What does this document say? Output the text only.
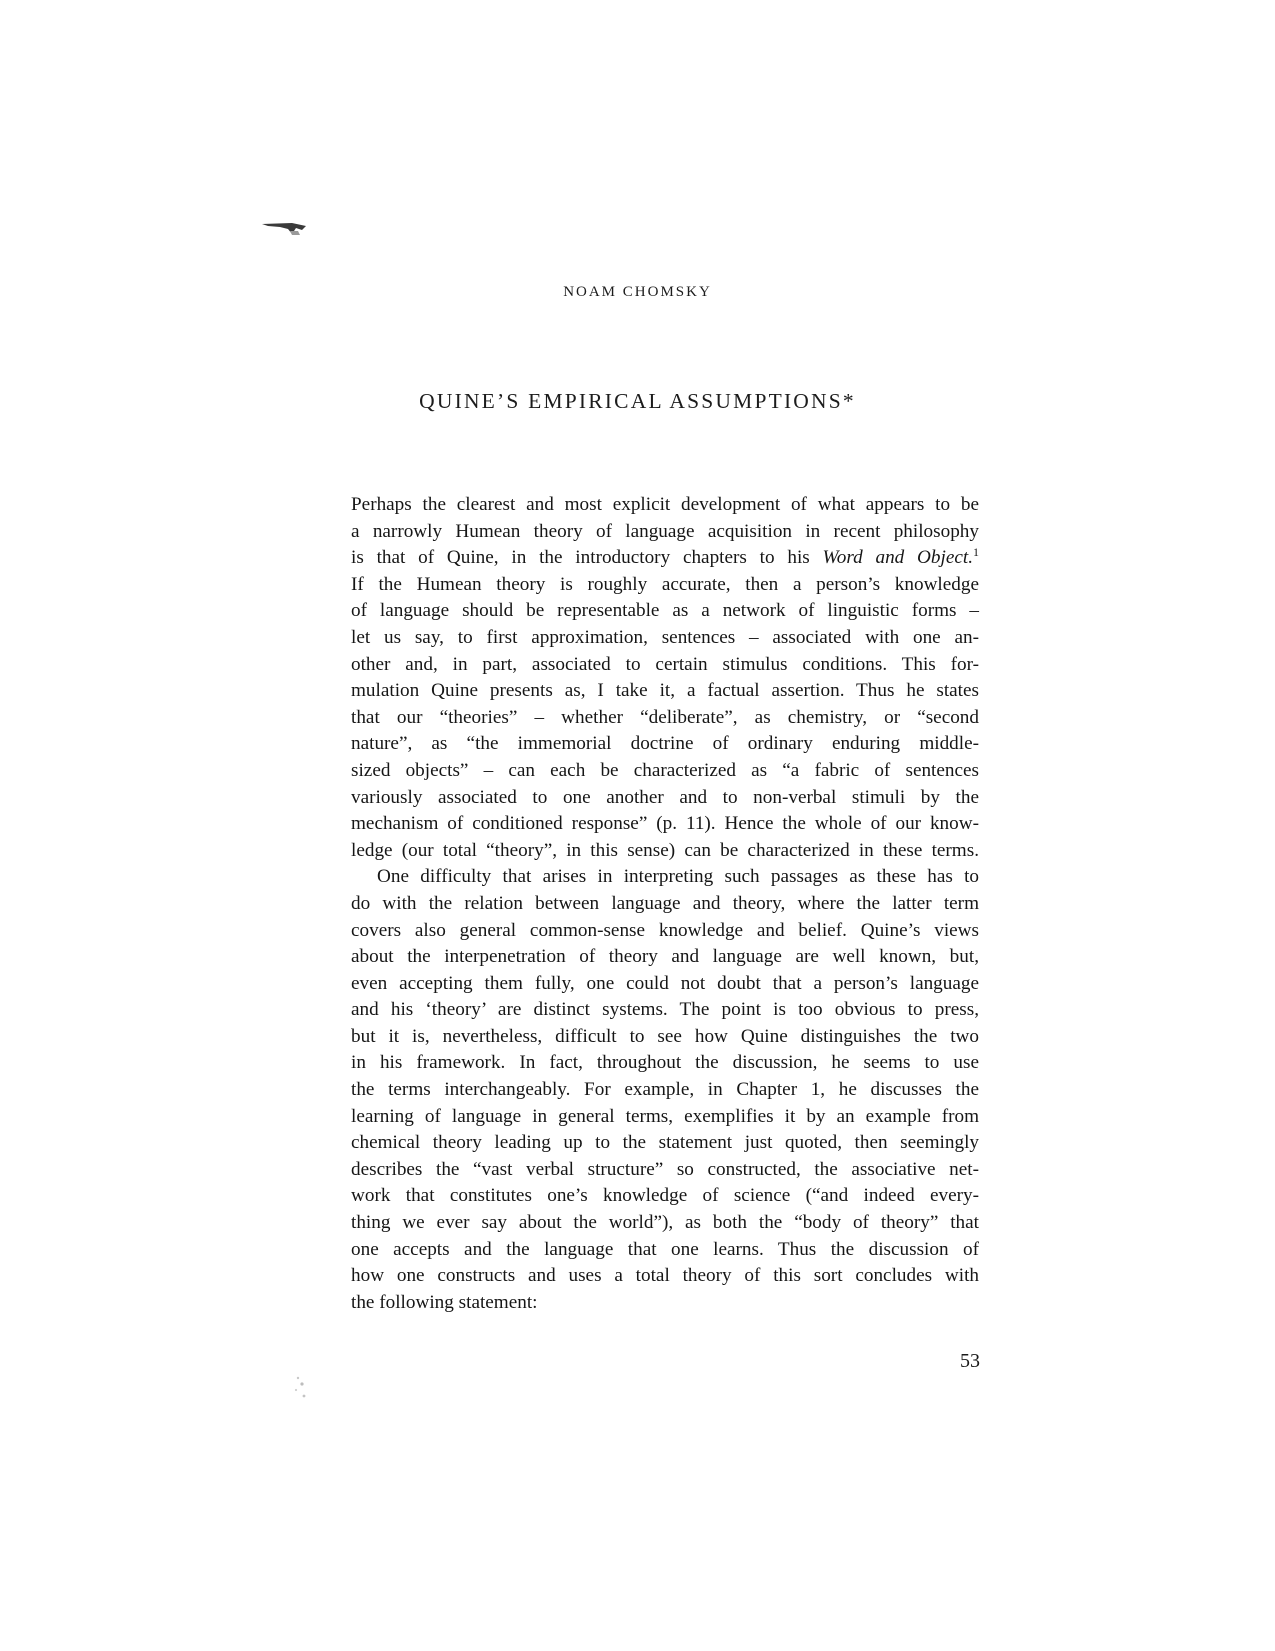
NOAM CHOMSKY
QUINE’S EMPIRICAL ASSUMPTIONS*
Perhaps the clearest and most explicit development of what appears to be
a narrowly Humean theory of language acquisition in recent philosophy
is that of Quine, in the introductory chapters to his Word and Object.$^1$
If the Humean theory is roughly accurate, then a person’s knowledge
of language should be representable as a network of linguistic forms –
let us say, to first approximation, sentences – associated with one an-
other and, in part, associated to certain stimulus conditions. This for-
mulation Quine presents as, I take it, a factual assertion. Thus he states
that our “theories” – whether “deliberate”, as chemistry, or “second
nature”, as “the immemorial doctrine of ordinary enduring middle-
sized objects” – can each be characterized as “a fabric of sentences
variously associated to one another and to non-verbal stimuli by the
mechanism of conditioned response” (p. 11). Hence the whole of our know-
ledge (our total “theory”, in this sense) can be characterized in these terms.
One difficulty that arises in interpreting such passages as these has to
do with the relation between language and theory, where the latter term
covers also general common-sense knowledge and belief. Quine’s views
about the interpenetration of theory and language are well known, but,
even accepting them fully, one could not doubt that a person’s language
and his ‘theory’ are distinct systems. The point is too obvious to press,
but it is, nevertheless, difficult to see how Quine distinguishes the two
in his framework. In fact, throughout the discussion, he seems to use
the terms interchangeably. For example, in Chapter 1, he discusses the
learning of language in general terms, exemplifies it by an example from
chemical theory leading up to the statement just quoted, then seemingly
describes the “vast verbal structure” so constructed, the associative net-
work that constitutes one’s knowledge of science (“and indeed every-
thing we ever say about the world”), as both the “body of theory” that
one accepts and the language that one learns. Thus the discussion of
how one constructs and uses a total theory of this sort concludes with
the following statement:
53
